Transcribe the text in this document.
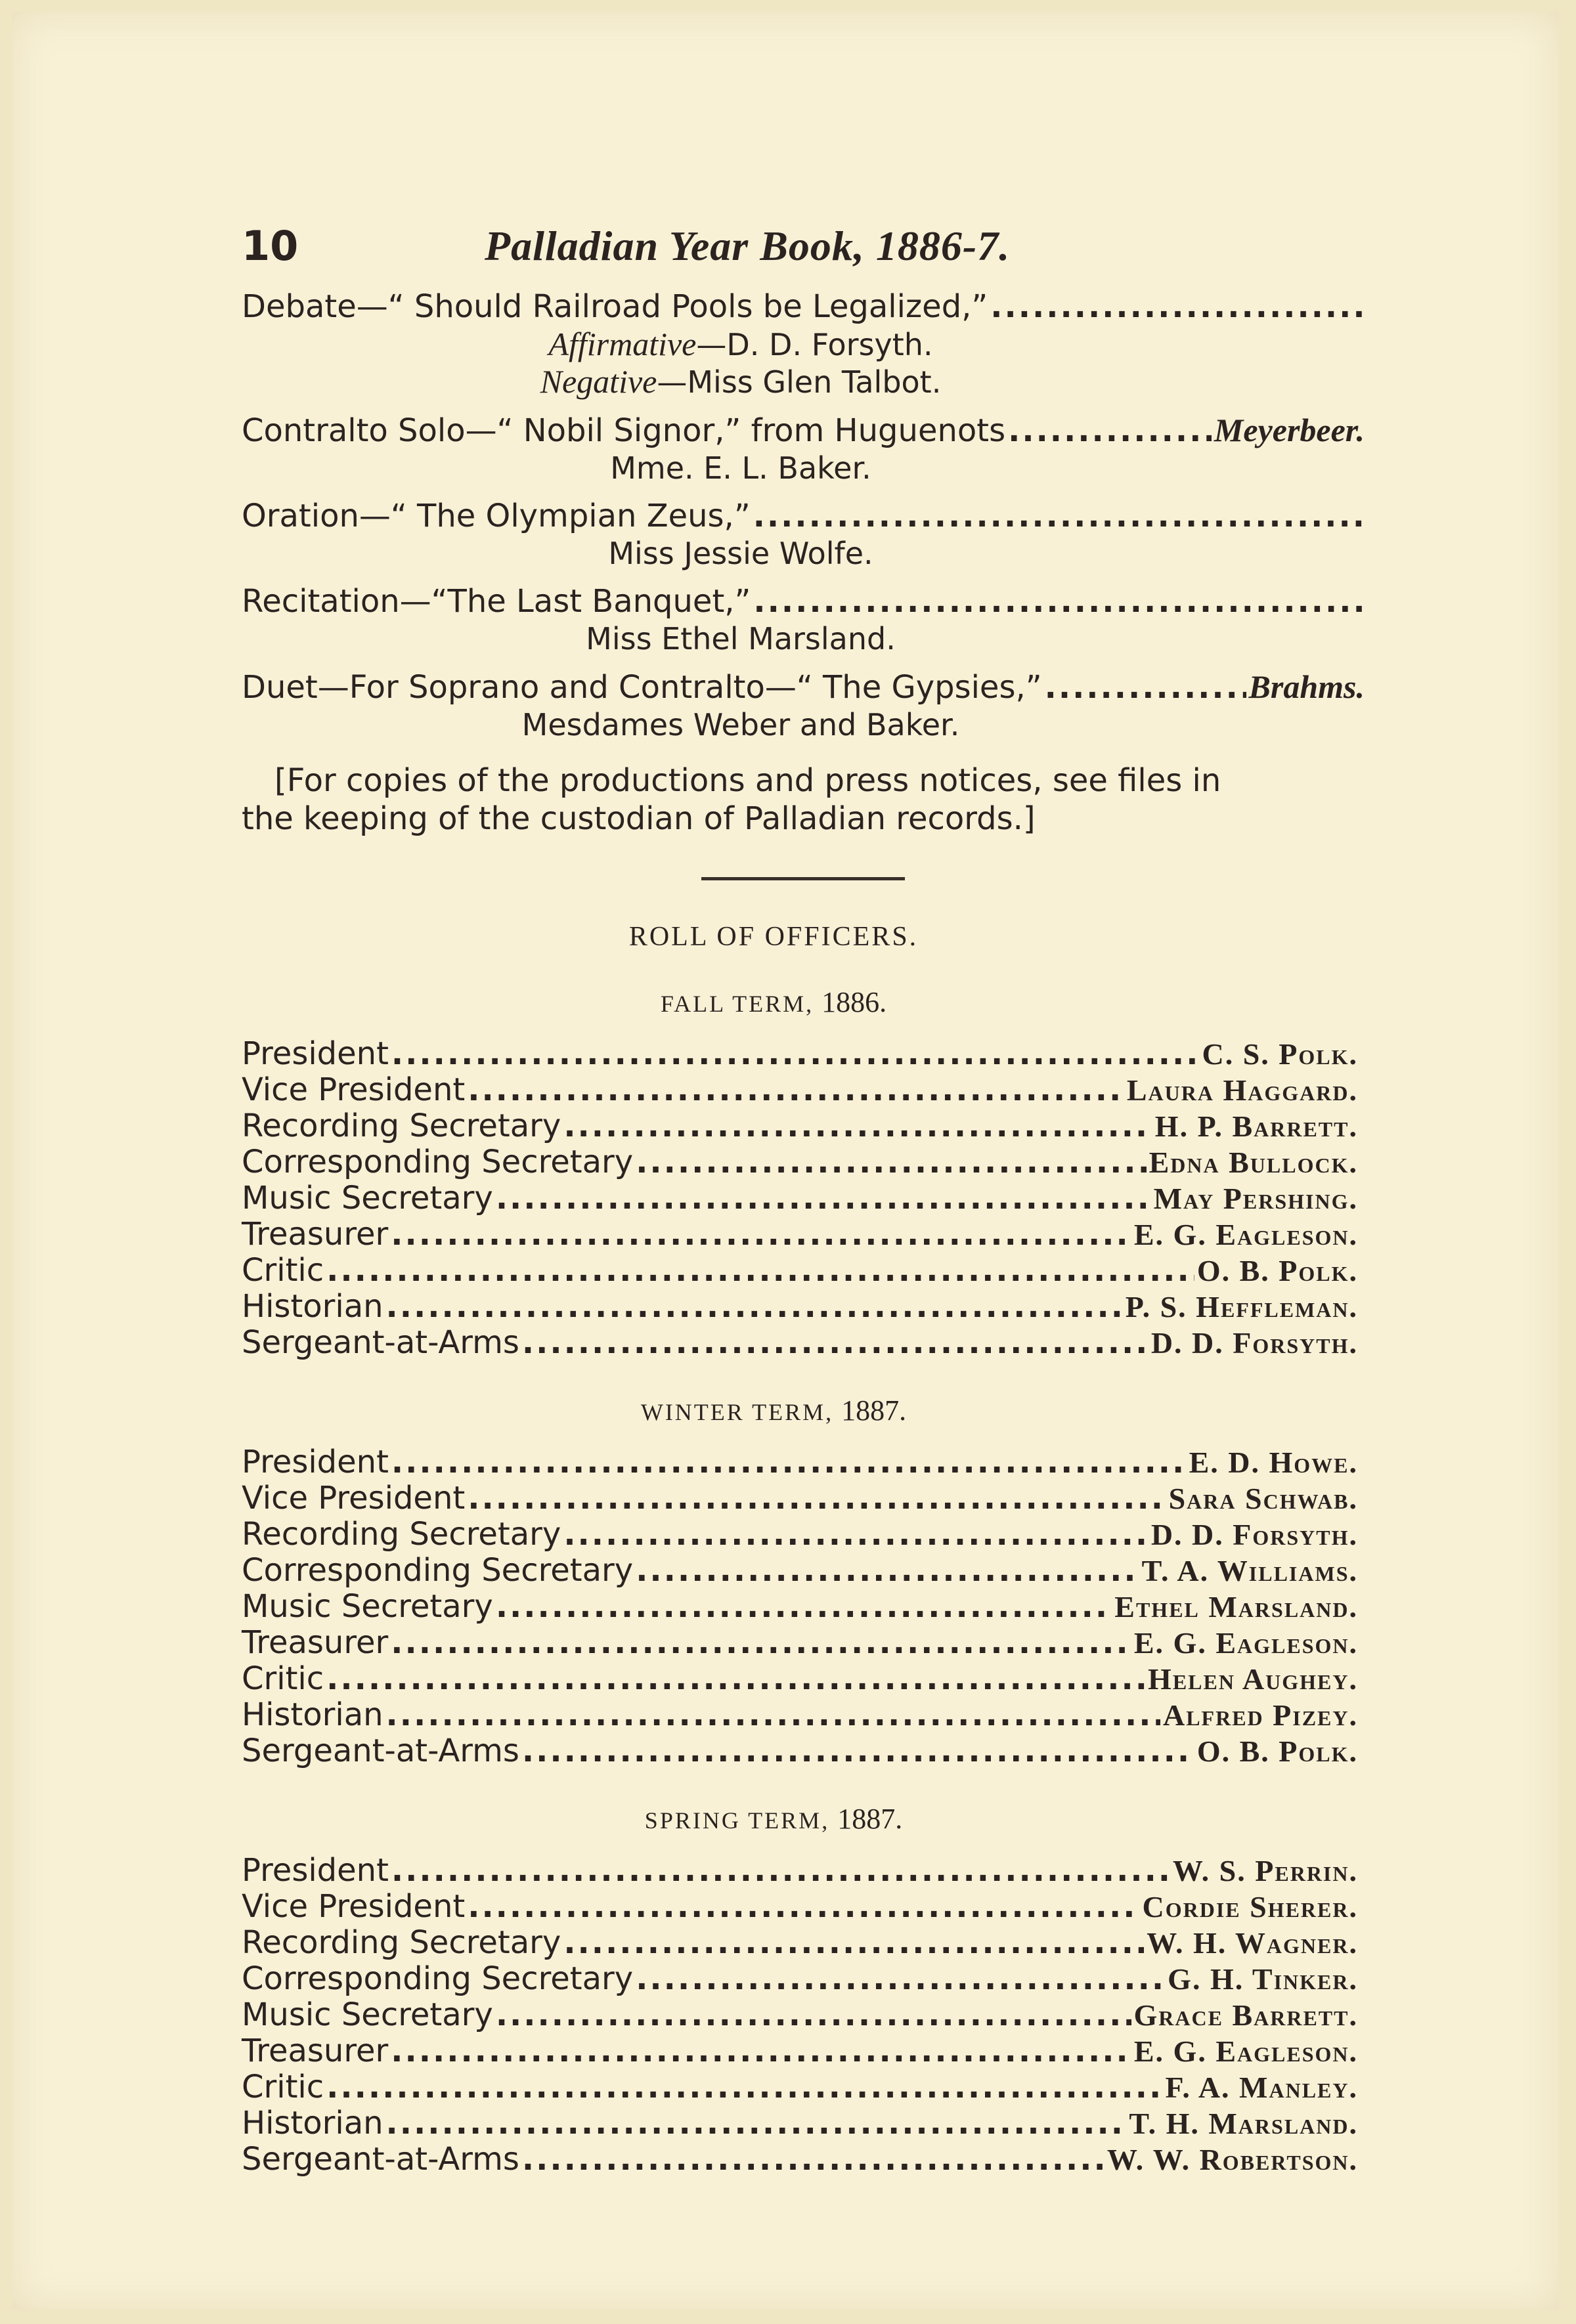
10	Palladian Year Book, 1886-7.
Debate—“ Should Railroad Pools be Legalized,”
.....
Affirmative—D. D. Forsyth.
Negative—Miss Glen Talbot.
Contralto Solo—“ Nobil Signor,” from Huguenots .....	Meyerbeer.
Mme. E. L. Baker.
Oration—“ The Olympian Zeus,”
.....
Miss Jessie Wolfe.
Recitation—“The Last Banquet,”
.....
Miss Ethel Marsland.
Duet—For Soprano and Contralto—“ The Gypsies,” .....	Brahms.
Mesdames Weber and Baker.

[For copies of the productions and press notices, see files in

the keeping of the custodian of Palladian records.]

ROLL OF OFFICERS.
FALL TERM, 1886.
President .....	C. S. Polk.
Vice President .....	Laura Haggard.
Recording Secretary .....	H. P. Barrett.
Corresponding Secretary .....	Edna Bullock.
Music Secretary .....	May Pershing.
Treasurer .....	E. G. Eagleson.
Critic .....	O. B. Polk.
Historian .....	P. S. Heffleman.
Sergeant-at-Arms .....	D. D. Forsyth.
WINTER TERM, 1887.
President .....	E. D. Howe.
Vice President .....	Sara Schwab.
Recording Secretary .....	D. D. Forsyth.
Corresponding Secretary .....	T. A. Williams.
Music Secretary .....	Ethel Marsland.
Treasurer .....	E. G. Eagleson.
Critic .....	Helen Aughey.
Historian .....	Alfred Pizey.
Sergeant-at-Arms .....	O. B. Polk.
SPRING TERM, 1887.
President .....	W. S. Perrin.
Vice President .....	Cordie Sherer.
Recording Secretary .....	W. H. Wagner.
Corresponding Secretary .....	G. H. Tinker.
Music Secretary .....	Grace Barrett.
Treasurer .....	E. G. Eagleson.
Critic .....	F. A. Manley.
Historian .....	T. H. Marsland.
Sergeant-at-Arms .....	W. W. Robertson.
